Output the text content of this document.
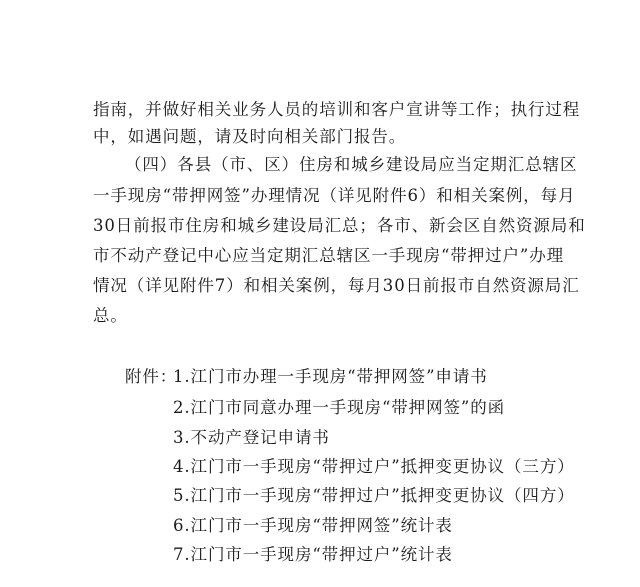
指南，并做好相关业务人员的培训和客户宣讲等工作；执行过程
中，如遇问题，请及时向相关部门报告。
（四）各县（市、区）住房和城乡建设局应当定期汇总辖区
一手现房“带押网签”办理情况（详见附件6）和相关案例，每月
30日前报市住房和城乡建设局汇总；各市、新会区自然资源局和
市不动产登记中心应当定期汇总辖区一手现房“带押过户”办理
情况（详见附件7）和相关案例，每月30日前报市自然资源局汇
总。
附件：
1.江门市办理一手现房“带押网签”申请书
2.江门市同意办理一手现房“带押网签”的函
3.不动产登记申请书
4.江门市一手现房“带押过户”抵押变更协议（三方）
5.江门市一手现房“带押过户”抵押变更协议（四方）
6.江门市一手现房“带押网签”统计表
7.江门市一手现房“带押过户”统计表
